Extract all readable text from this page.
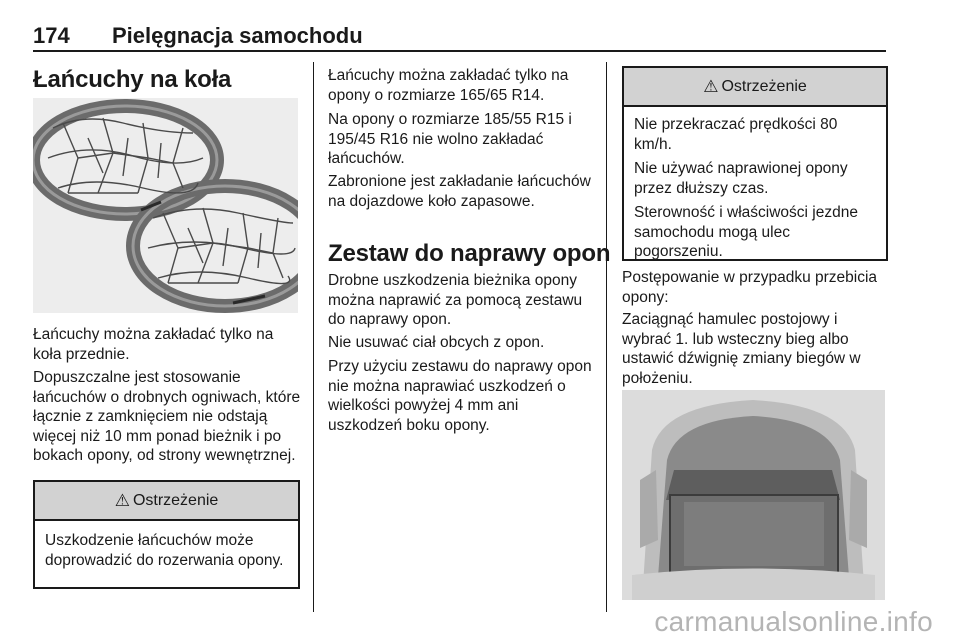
174 Pielęgnacja samochodu
Łańcuchy na koła

Łańcuchy można zakładać tylko na koła przednie.

Dopuszczalne jest stosowanie łańcuchów o drobnych ogniwach, które łącznie z zamknięciem nie odstają więcej niż 10 mm ponad bieżnik i po bokach opony, od strony wewnętrznej.

⚠ Ostrzeżenie

Uszkodzenie łańcuchów może doprowadzić do rozerwania opony.

Łańcuchy można zakładać tylko na opony o rozmiarze 165/65 R14.

Na opony o rozmiarze 185/55 R15 i 195/45 R16 nie wolno zakładać łańcuchów.

Zabronione jest zakładanie łańcuchów na dojazdowe koło zapasowe.

Zestaw do naprawy opon

Drobne uszkodzenia bieżnika opony można naprawić za pomocą zestawu do naprawy opon.

Nie usuwać ciał obcych z opon.

Przy użyciu zestawu do naprawy opon nie można naprawiać uszkodzeń o wielkości powyżej 4 mm ani uszkodzeń boku opony.

⚠ Ostrzeżenie

Nie przekraczać prędkości 80 km/h.

Nie używać naprawionej opony przez dłuższy czas.

Sterowność i właściwości jezdne samochodu mogą ulec pogorszeniu.

Postępowanie w przypadku przebicia opony:

Zaciągnąć hamulec postojowy i wybrać 1. lub wsteczny bieg albo ustawić dźwignię zmiany biegów w położeniu.

carmanualsonline.info
